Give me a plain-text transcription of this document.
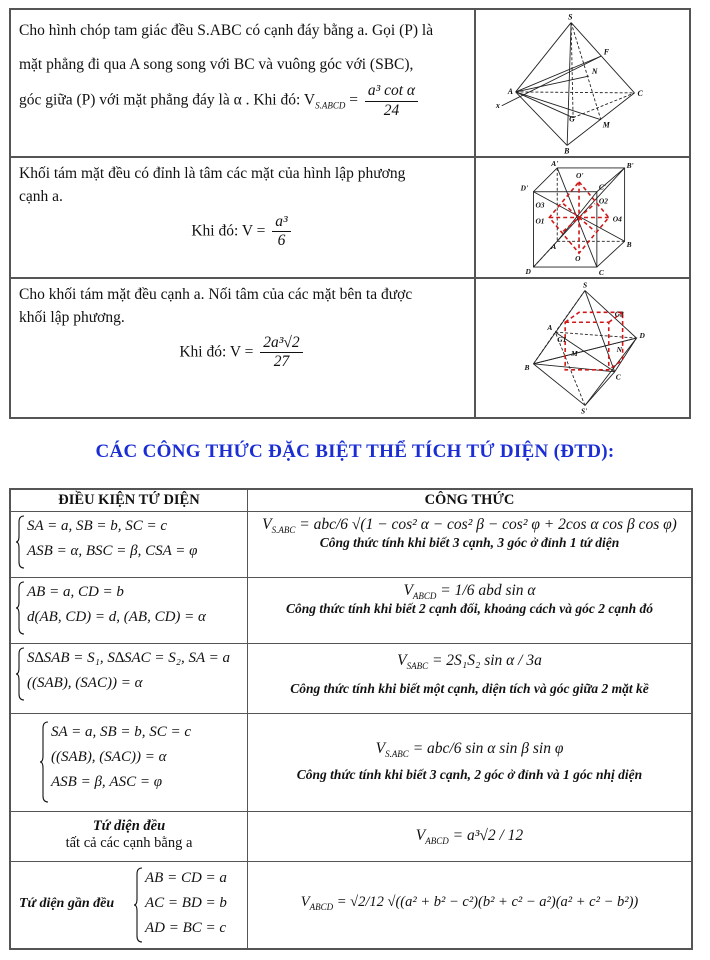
Cho hình chóp tam giác đều S.ABC có cạnh đáy bằng a. Gọi (P) là
mặt phẳng đi qua A song song với BC và vuông góc với (SBC),
góc giữa (P) với mặt phẳng đáy là α . Khi đó: $V_{S.ABCD} = \frac{\text{a³ cot α}}{24}$
S
F
N
A
x
G
C
M
B
Khối tám mặt đều có đỉnh là tâm các mặt của hình lập phương
cạnh a.
Khi đó: $V = \frac{\text{a³}}{6}$
A'	B'
D'	C'
O'
O3
O4
O1
O2
O
A	B
D	C
Cho khối tám mặt đều cạnh a. Nối tâm của các mặt bên ta được
khối lập phương.
Khi đó: $V = \frac{\text{2a³√2}}{27}$
S
G2
G1	D
A
M	N
B
C
S'
CÁC CÔNG THỨC ĐẶC BIỆT THỂ TÍCH TỨ DIỆN (ĐTD):
ĐIỀU KIỆN TỨ DIỆN	CÔNG THỨC
SA = a, SB = b, SC = c
ASB = α, BSC = β, CSA = φ
$V_{S.ABC} = abc/6$ √(1 − cos² α − cos² β − cos² φ + 2cos α cos β cos φ)
Công thức tính khi biết 3 cạnh, 3 góc ở đỉnh 1 tứ diện
AB = a, CD = b
d(AB, CD) = d, (AB, CD) = α
$V_{ABCD} = 1/6$ abd sin α
Công thức tính khi biết 2 cạnh đối, khoảng cách và góc 2 cạnh đó
S∆SAB = S₁, S∆SAC = S₂, SA = a
((SAB), (SAC)) = α
$V_{SABC} = 2S_1S_2$ sin α / 3a
Công thức tính khi biết một cạnh, diện tích và góc giữa 2 mặt kề
SA = a, SB = b, SC = c
((SAB), (SAC)) = α
ASB = β, ASC = φ
$V_{S.ABC} = abc/6$ sin α sin β sin φ
Công thức tính khi biết 3 cạnh, 2 góc ở đỉnh và 1 góc nhị diện
Tứ diện đều
tất cả các cạnh bằng a	$V_{ABCD} = a^3√2 / 12$
Tứ diện gần đều
AB = CD = a
AC = BD = b
AD = BC = c
$V_{ABCD} = √2/12$ √((a² + b² − c²)(b² + c² − a²)(a² + c² − b²))
